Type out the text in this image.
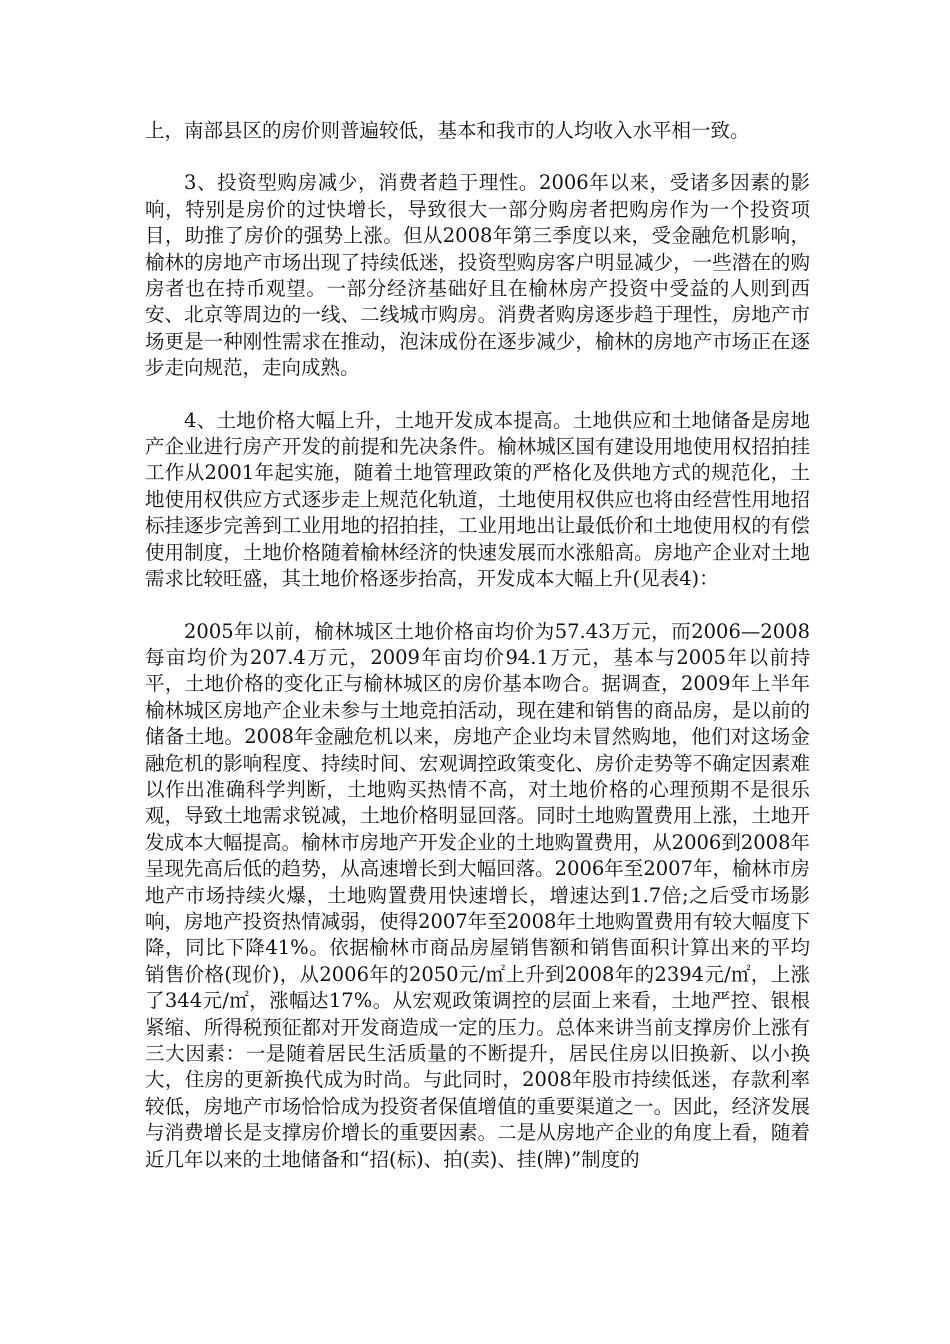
上，南部县区的房价则普遍较低，基本和我市的人均收入水平相一致。

3、投资型购房减少，消费者趋于理性。2006年以来，受诸多因素的影响，特别是房价的过快增长，导致很大一部分购房者把购房作为一个投资项目，助推了房价的强势上涨。但从2008年第三季度以来，受金融危机影响，榆林的房地产市场出现了持续低迷，投资型购房客户明显减少，一些潜在的购房者也在持币观望。一部分经济基础好且在榆林房产投资中受益的人则到西安、北京等周边的一线、二线城市购房。消费者购房逐步趋于理性，房地产市场更是一种刚性需求在推动，泡沫成份在逐步减少，榆林的房地产市场正在逐步走向规范，走向成熟。

4、土地价格大幅上升，土地开发成本提高。土地供应和土地储备是房地产企业进行房产开发的前提和先决条件。榆林城区国有建设用地使用权招拍挂工作从2001年起实施，随着土地管理政策的严格化及供地方式的规范化，土地使用权供应方式逐步走上规范化轨道，土地使用权供应也将由经营性用地招标挂逐步完善到工业用地的招拍挂，工业用地出让最低价和土地使用权的有偿使用制度，土地价格随着榆林经济的快速发展而水涨船高。房地产企业对土地需求比较旺盛，其土地价格逐步抬高，开发成本大幅上升(见表4)：

2005年以前，榆林城区土地价格亩均价为57.43万元，而2006—2008每亩均价为207.4万元，2009年亩均价94.1万元，基本与2005年以前持平，土地价格的变化正与榆林城区的房价基本吻合。据调查，2009年上半年榆林城区房地产企业未参与土地竞拍活动，现在建和销售的商品房，是以前的储备土地。2008年金融危机以来，房地产企业均未冒然购地，他们对这场金融危机的影响程度、持续时间、宏观调控政策变化、房价走势等不确定因素难以作出准确科学判断，土地购买热情不高，对土地价格的心理预期不是很乐观，导致土地需求锐减，土地价格明显回落。同时土地购置费用上涨，土地开发成本大幅提高。榆林市房地产开发企业的土地购置费用，从2006到2008年呈现先高后低的趋势，从高速增长到大幅回落。2006年至2007年，榆林市房地产市场持续火爆，土地购置费用快速增长，增速达到1.7倍;之后受市场影响，房地产投资热情减弱，使得2007年至2008年土地购置费用有较大幅度下降，同比下降41%。依据榆林市商品房屋销售额和销售面积计算出来的平均销售价格(现价)，从2006年的2050元/㎡上升到2008年的2394元/㎡，上涨了344元/㎡，涨幅达17%。从宏观政策调控的层面上来看，土地严控、银根紧缩、所得税预征都对开发商造成一定的压力。总体来讲当前支撑房价上涨有三大因素：一是随着居民生活质量的不断提升，居民住房以旧换新、以小换大，住房的更新换代成为时尚。与此同时，2008年股市持续低迷，存款利率较低，房地产市场恰恰成为投资者保值增值的重要渠道之一。因此，经济发展与消费增长是支撑房价增长的重要因素。二是从房地产企业的角度上看，随着近几年以来的土地储备和“招(标)、拍(卖)、挂(牌)”制度的
